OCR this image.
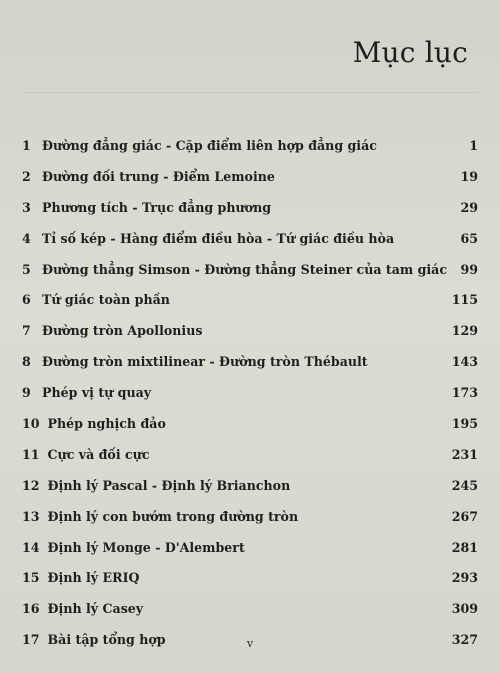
Mục lục
1 Đường đẳng giác - Cặp điểm liên hợp đẳng giác	1
2 Đường đối trung - Điểm Lemoine	19
3 Phương tích - Trục đẳng phương	29
4 Tỉ số kép - Hàng điểm điều hòa - Tứ giác điều hòa	65
5 Đường thẳng Simson - Đường thẳng Steiner của tam giác	99
6 Tứ giác toàn phần	115
7 Đường tròn Apollonius	129
8 Đường tròn mixtilinear - Đường tròn Thébault	143
9 Phép vị tự quay	173
10 Phép nghịch đảo	195
11 Cực và đối cực	231
12 Định lý Pascal - Định lý Brianchon	245
13 Định lý con bướm trong đường tròn	267
14 Định lý Monge - D'Alembert	281
15 Định lý ERIQ	293
16 Định lý Casey	309
17 Bài tập tổng hợp	327
v
